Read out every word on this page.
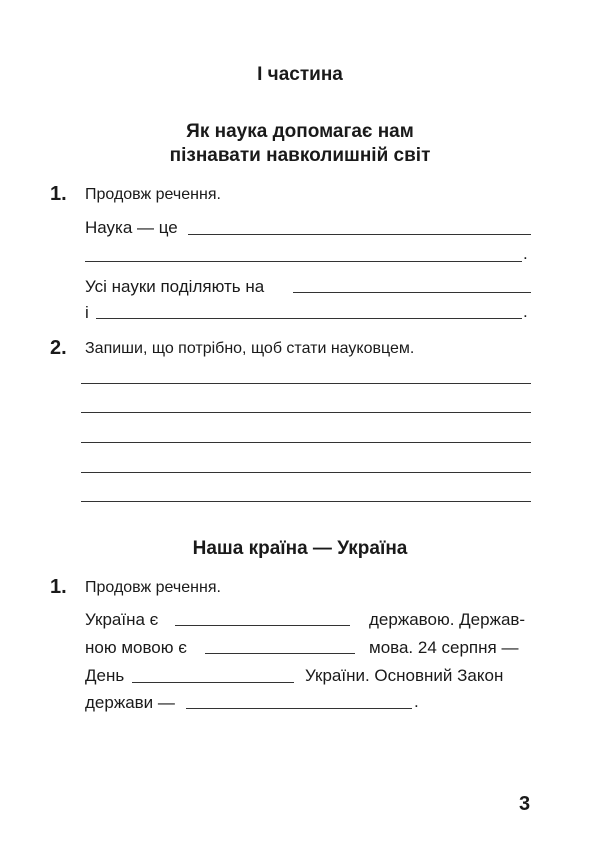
I частина
Як наука допомагає нам
пізнавати навколишній світ
1. Продовж речення.
Наука — це
.
Усі науки поділяють на
і	.
2. Запиши, що потрібно, щоб стати науковцем.
Наша країна — Україна
1. Продовж речення.
Україна є	державою. Держав-
ною мовою є	мова. 24 серпня —
День	України. Основний Закон
держави —	.
3
